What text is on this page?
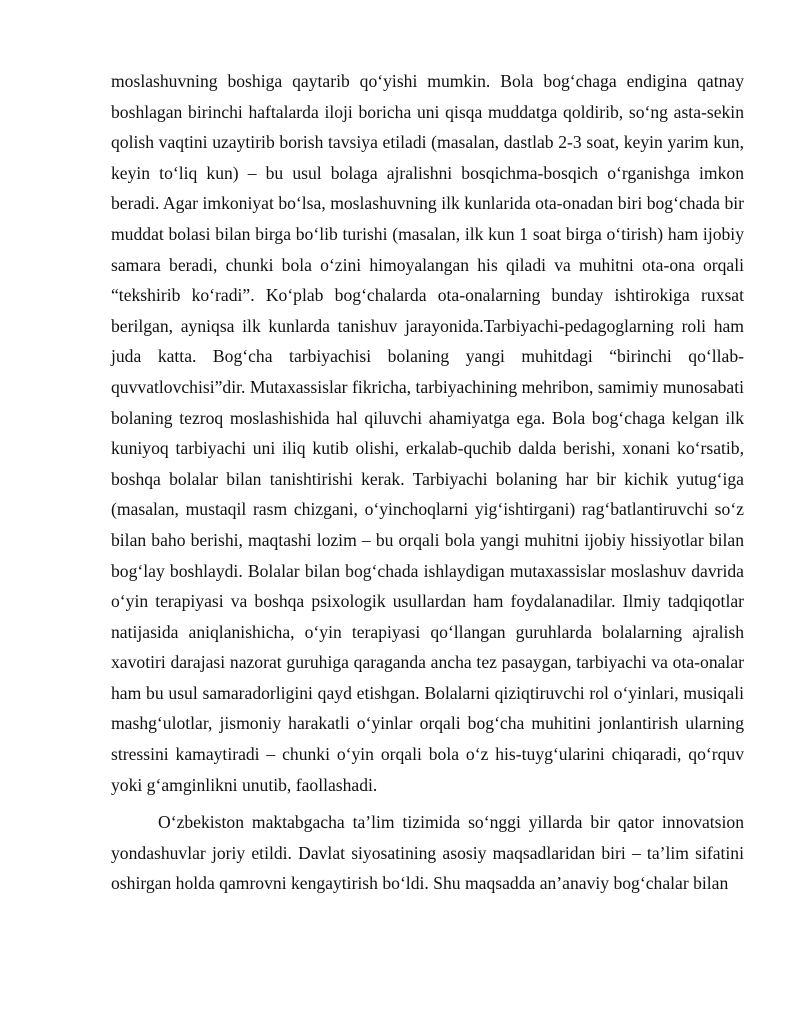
moslashuvning boshiga qaytarib qo‘yishi mumkin. Bola bog‘chaga endigina qatnay boshlagan birinchi haftalarda iloji boricha uni qisqa muddatga qoldirib, so‘ng asta-sekin qolish vaqtini uzaytirib borish tavsiya etiladi (masalan, dastlab 2-3 soat, keyin yarim kun, keyin to‘liq kun) – bu usul bolaga ajralishni bosqichma-bosqich o‘rganishga imkon beradi. Agar imkoniyat bo‘lsa, moslashuvning ilk kunlarida ota-onadan biri bog‘chada bir muddat bolasi bilan birga bo‘lib turishi (masalan, ilk kun 1 soat birga o‘tirish) ham ijobiy samara beradi, chunki bola o‘zini himoyalangan his qiladi va muhitni ota-ona orqali “tekshirib ko‘radi”. Ko‘plab bog‘chalarda ota-onalarning bunday ishtirokiga ruxsat berilgan, ayniqsa ilk kunlarda tanishuv jarayonida.Tarbiyachi-pedagoglarning roli ham juda katta. Bog‘cha tarbiyachisi bolaning yangi muhitdagi “birinchi qo‘llab- quvvatlovchisi”dir. Mutaxassislar fikricha, tarbiyachining mehribon, samimiy munosabati bolaning tezroq moslashishida hal qiluvchi ahamiyatga ega. Bola bog‘chaga kelgan ilk kuniyoq tarbiyachi uni iliq kutib olishi, erkalab-quchib dalda berishi, xonani ko‘rsatib, boshqa bolalar bilan tanishtirishi kerak. Tarbiyachi bolaning har bir kichik yutug‘iga (masalan, mustaqil rasm chizgani, o‘yinchoqlarni yig‘ishtirgani) rag‘batlantiruvchi so‘z bilan baho berishi, maqtashi lozim – bu orqali bola yangi muhitni ijobiy hissiyotlar bilan bog‘lay boshlaydi. Bolalar bilan bog‘chada ishlaydigan mutaxassislar moslashuv davrida o‘yin terapiyasi va boshqa psixologik usullardan ham foydalanadilar. Ilmiy tadqiqotlar natijasida aniqlanishicha, o‘yin terapiyasi qo‘llangan guruhlarda bolalarning ajralish xavotiri darajasi nazorat guruhiga qaraganda ancha tez pasaygan, tarbiyachi va ota-onalar ham bu usul samaradorligini qayd etishgan. Bolalarni qiziqtiruvchi rol o‘yinlari, musiqali mashg‘ulotlar, jismoniy harakatli o‘yinlar orqali bog‘cha muhitini jonlantirish ularning stressini kamaytiradi – chunki o‘yin orqali bola o‘z his-tuyg‘ularini chiqaradi, qo‘rquv yoki g‘amginlikni unutib, faollashadi.

O‘zbekiston maktabgacha ta’lim tizimida so‘nggi yillarda bir qator innovatsion yondashuvlar joriy etildi. Davlat siyosatining asosiy maqsadlaridan biri – ta’lim sifatini oshirgan holda qamrovni kengaytirish bo‘ldi. Shu maqsadda an’anaviy bog‘chalar bilan
